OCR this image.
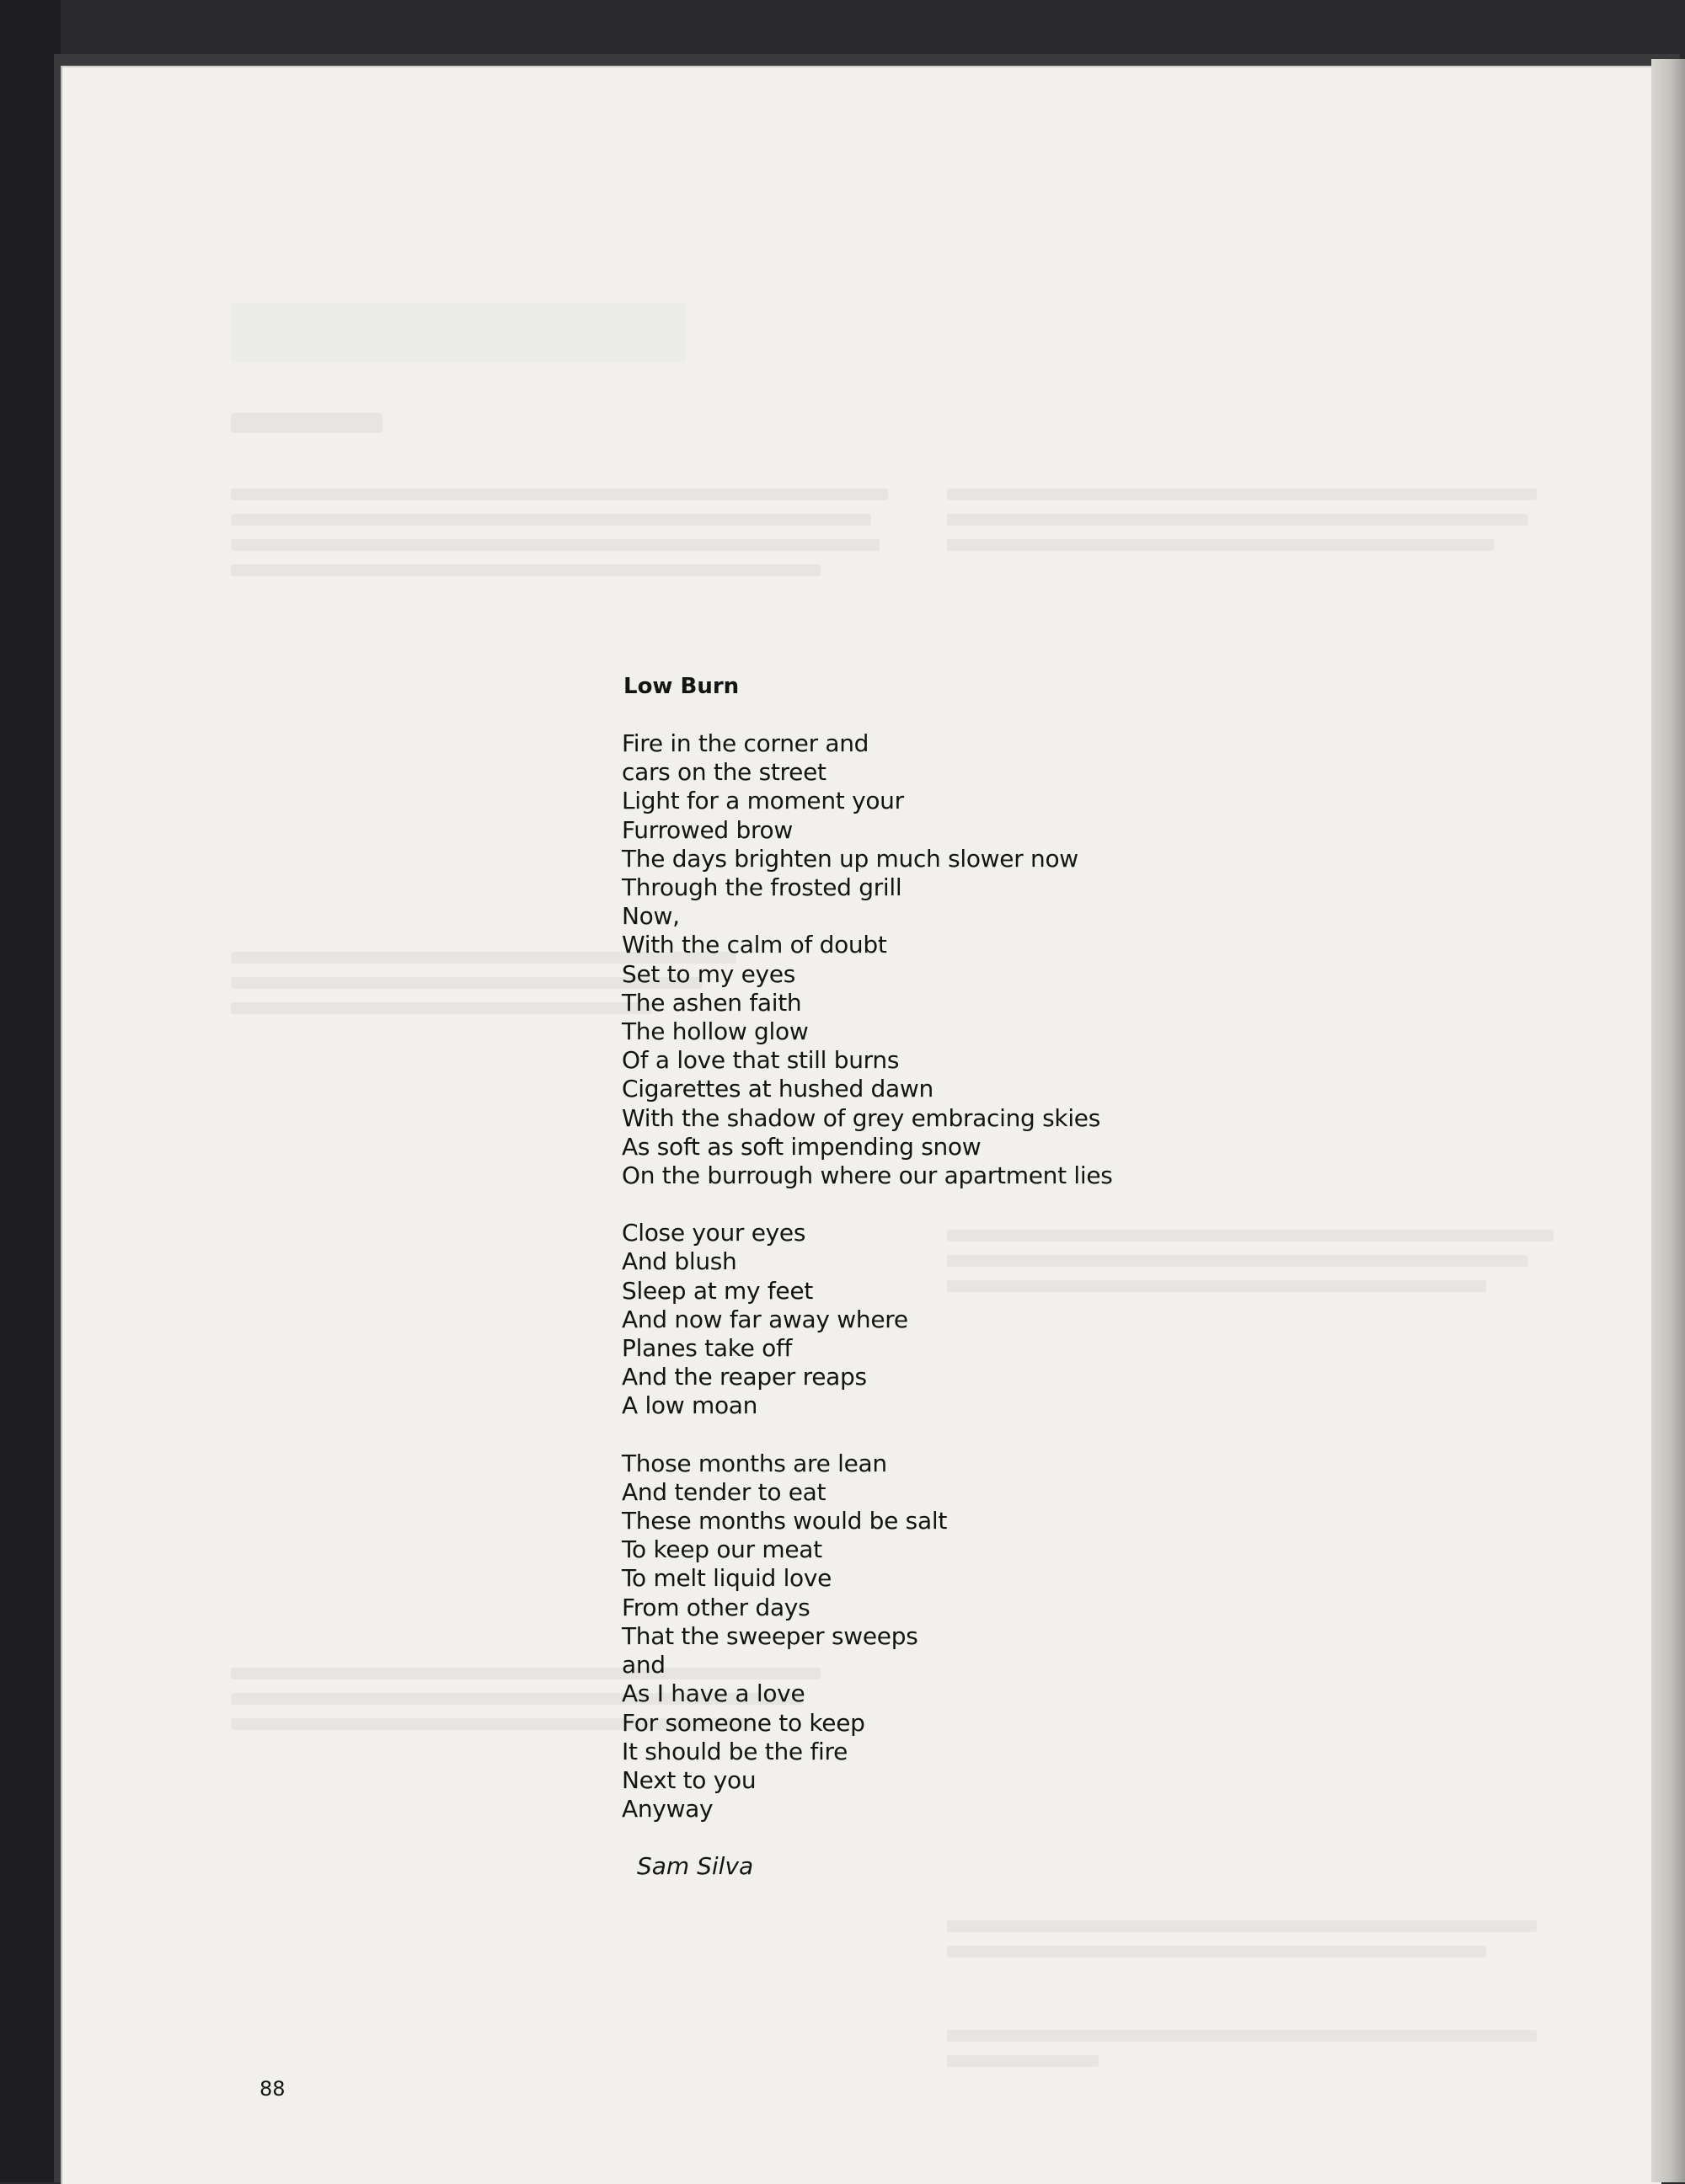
Low Burn
Fire in the corner and
cars on the street
Light for a moment your
Furrowed brow
The days brighten up much slower now
Through the frosted grill
Now,
With the calm of doubt
Set to my eyes
The ashen faith
The hollow glow
Of a love that still burns
Cigarettes at hushed dawn
With the shadow of grey embracing skies
As soft as soft impending snow
On the burrough where our apartment lies
Close your eyes
And blush
Sleep at my feet
And now far away where
Planes take off
And the reaper reaps
A low moan
Those months are lean
And tender to eat
These months would be salt
To keep our meat
To melt liquid love
From other days
That the sweeper sweeps
and
As I have a love
For someone to keep
It should be the fire
Next to you
Anyway
Sam Silva
88
